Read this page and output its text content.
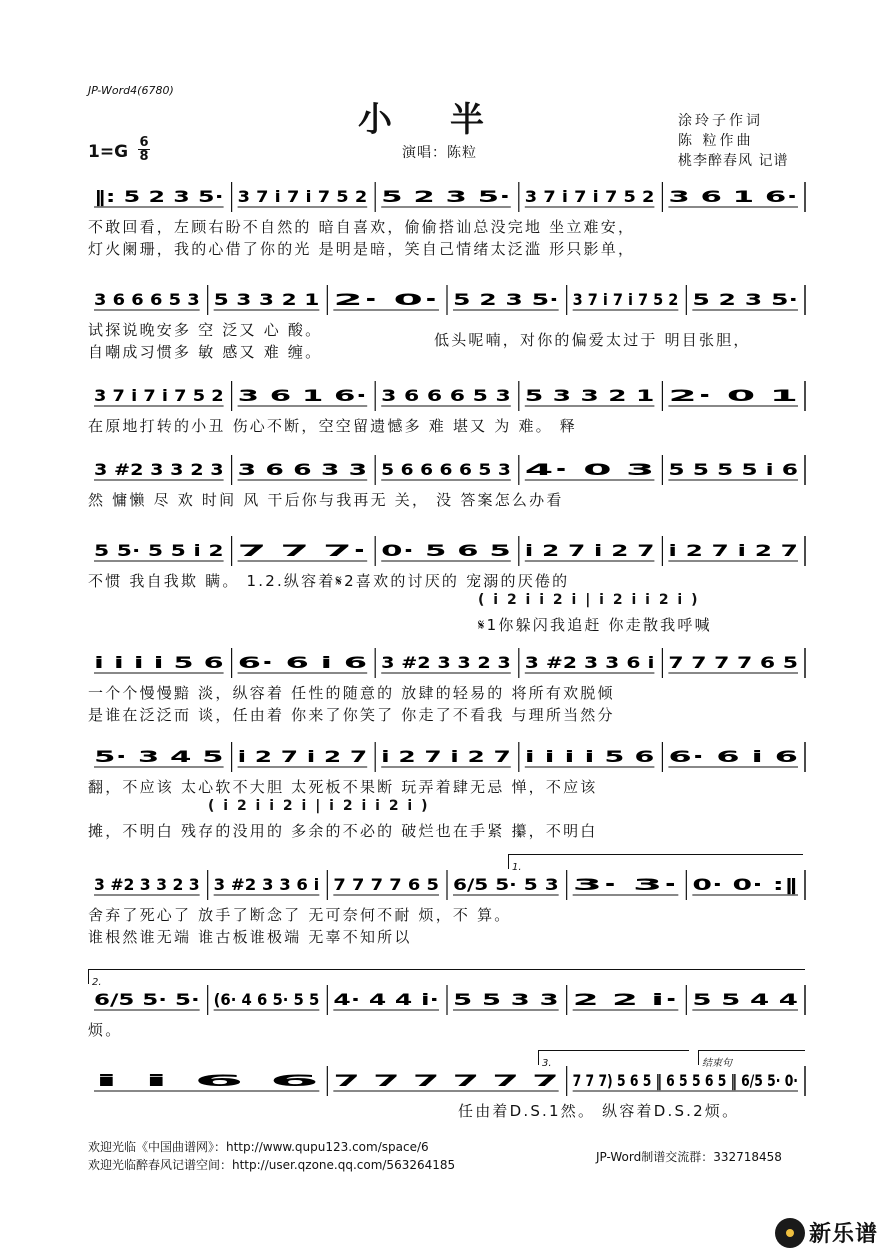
JP-Word4(6780)
小半
1=G 6
8	演唱：陈粒
涂玲子作词
陈 粒作曲
桃李醉春风 记谱
‖: 5 2 3 5·	3 7 i 7 i 7 5 2 5 2 3 5· 3 7 i 7 i 7 5 2 3 6 1 6·
不敢回看，左顾右盼不自然的 暗自喜欢，偷偷搭讪总没完地 坐立难安，
灯火阑珊，我的心借了你的光 是明是暗，笑自己情绪太泛滥 形只影单，
3 6 6 6 5 3 5 3 3 2 1 2· 0· 5 2 3 5· 3 7 i 7 i 7 5 2 5 2 3 5·
试探说晚安多 空 泛又 心 酸。
自嘲成习惯多 敏 感又 难 缠。
低头呢喃，对你的偏爱太过于 明目张胆，
3 7 i 7 i 7 5 2 3 6 1 6· 3 6 6 6 5 3 5 3 3 2 1 2· 0 1
在原地打转的小丑 伤心不断，空空留遗憾多 难 堪又 为 难。 释
3 #2 3 3 2 3 3 6 6 3 3 5 6 6 6 6 5 3 4· 0 3 5 5 5 5 i 6
然 慵懒 尽 欢 时间 风 干后你与我再无 关， 没 答案怎么办看
5 5· 5 5 i 2 7 7 7· 0· 5 6 5 i 2 7 i 2 7 i 2 7 i 2 7
不惯 我自我欺 瞒。 1.2.纵容着𝄋2喜欢的讨厌的 宠溺的厌倦的
( i 2 i i 2 i | i 2 i i 2 i )
𝄋1你躲闪我追赶 你走散我呼喊
i i i i 5 6 6· 6 i 6 3 #2 3 3 2 3 3 #2 3 3 6 i 7 7 7 7 6 5
一个个慢慢黯 淡，纵容着 任性的随意的 放肆的轻易的 将所有欢脱倾
是谁在泛泛而 谈，任由着 你来了你笑了 你走了不看我 与理所当然分
5· 3 4 5 i 2 7 i 2 7 i 2 7 i 2 7 i i i i 5 6 6· 6 i 6
翻，不应该 太心软不大胆 太死板不果断 玩弄着肆无忌 惮，不应该
( i 2 i i 2 i | i 2 i i 2 i )
摊，不明白 残存的没用的 多余的不必的 破烂也在手紧 攥，不明白
3 #2 3 3 2 3 3 #2 3 3 6 i 7 7 7 7 6 5 6/5 5· 5 3 3· 3· 0· 0· :‖
1.
舍弃了死心了 放手了断念了 无可奈何不耐 烦，不 算。
谁根然谁无端 谁古板谁极端 无辜不知所以
6/5 5· 5· (6· 4 6 5· 5 5 4· 4 4 i· 5 5 3 3 2 2 i· 5 5 4 4
2.
烦。
i i 6 6 7 7 7 7 7 7 7 7 7) 5 6 5 ‖ 6 5 5 6 5 ‖ 6/5 5· 0·
3.	结束句
任由着D.S.1然。 纵容着D.S.2烦。
欢迎光临《中国曲谱网》：http://www.qupu123.com/space/6
欢迎光临醉春风记谱空间：http://user.qzone.qq.com/563264185
JP-Word制谱交流群：332718458
新乐谱
